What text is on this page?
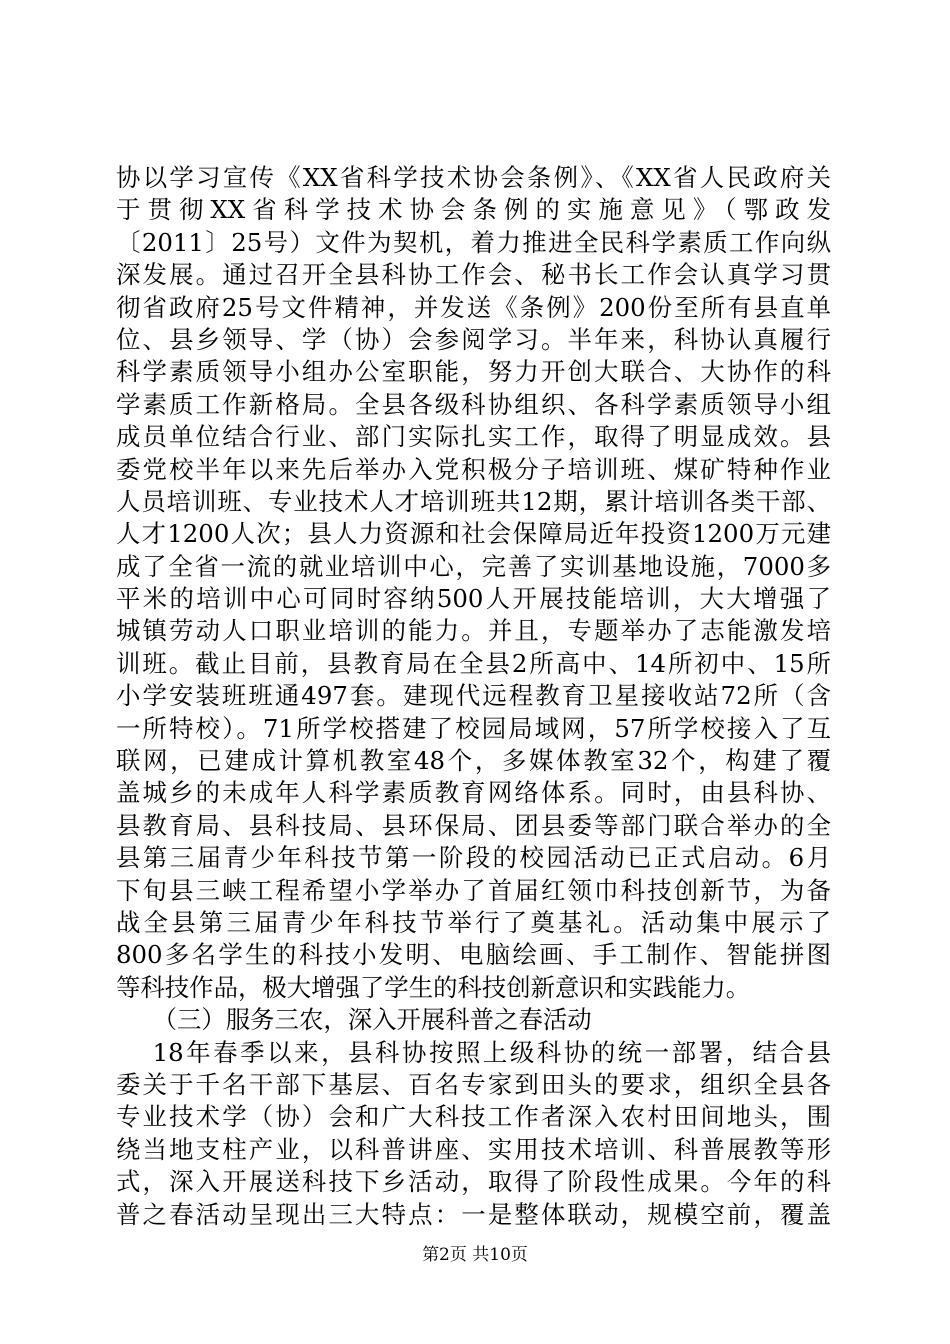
协以学习宣传《XX省科学技术协会条例》、《XX省人民政府关
于贯彻XX省科学技术协会条例的实施意见》（鄂政发
〔2011〕25号）文件为契机，着力推进全民科学素质工作向纵
深发展。通过召开全县科协工作会、秘书长工作会认真学习贯
彻省政府25号文件精神，并发送《条例》200份至所有县直单
位、县乡领导、学（协）会参阅学习。半年来，科协认真履行
科学素质领导小组办公室职能，努力开创大联合、大协作的科
学素质工作新格局。全县各级科协组织、各科学素质领导小组
成员单位结合行业、部门实际扎实工作，取得了明显成效。县
委党校半年以来先后举办入党积极分子培训班、煤矿特种作业
人员培训班、专业技术人才培训班共12期，累计培训各类干部、
人才1200人次；县人力资源和社会保障局近年投资1200万元建
成了全省一流的就业培训中心，完善了实训基地设施，7000多
平米的培训中心可同时容纳500人开展技能培训，大大增强了
城镇劳动人口职业培训的能力。并且，专题举办了志能激发培
训班。截止目前，县教育局在全县2所高中、14所初中、15所
小学安装班班通497套。建现代远程教育卫星接收站72所（含
一所特校）。71所学校搭建了校园局域网，57所学校接入了互
联网，已建成计算机教室48个，多媒体教室32个，构建了覆
盖城乡的未成年人科学素质教育网络体系。同时，由县科协、
县教育局、县科技局、县环保局、团县委等部门联合举办的全
县第三届青少年科技节第一阶段的校园活动已正式启动。6月
下旬县三峡工程希望小学举办了首届红领巾科技创新节，为备
战全县第三届青少年科技节举行了奠基礼。活动集中展示了
800多名学生的科技小发明、电脑绘画、手工制作、智能拼图
等科技作品，极大增强了学生的科技创新意识和实践能力。
（三）服务三农，深入开展科普之春活动
18年春季以来，县科协按照上级科协的统一部署，结合县
委关于千名干部下基层、百名专家到田头的要求，组织全县各
专业技术学（协）会和广大科技工作者深入农村田间地头，围
绕当地支柱产业，以科普讲座、实用技术培训、科普展教等形
式，深入开展送科技下乡活动，取得了阶段性成果。今年的科
普之春活动呈现出三大特点：一是整体联动，规模空前，覆盖
第2页 共10页
